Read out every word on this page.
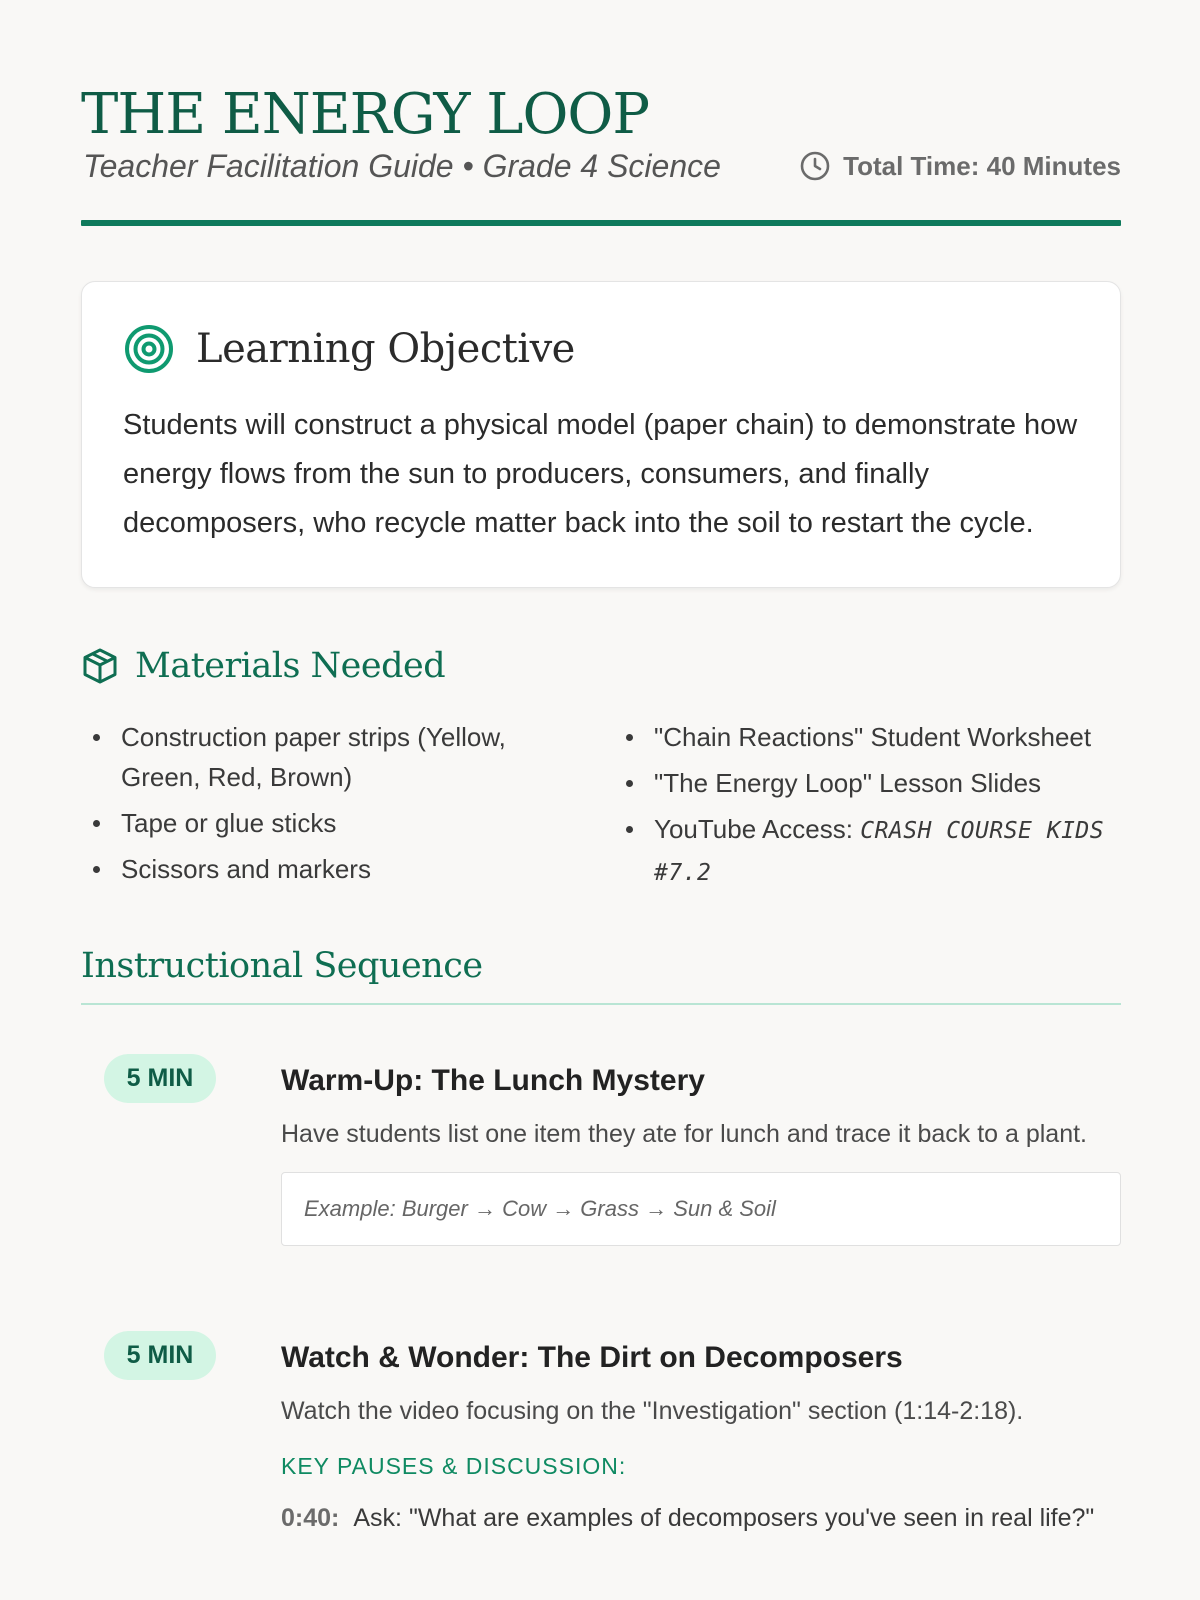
THE ENERGY LOOP
Teacher Facilitation Guide • Grade 4 Science	Total Time: 40 Minutes
Learning Objective

Students will construct a physical model (paper chain) to demonstrate how energy flows from the sun to producers, consumers, and finally decomposers, who recycle matter back into the soil to restart the cycle.

Materials Needed
Construction paper strips (Yellow, Green, Red, Brown)
Tape or glue sticks
Scissors and markers
"Chain Reactions" Student Worksheet
"The Energy Loop" Lesson Slides
YouTube Access: CRASH COURSE KIDS #7.2
Instructional Sequence
5 MIN	Warm-Up: The Lunch Mystery

Have students list one item they ate for lunch and trace it back to a plant.

Example: Burger → Cow → Grass → Sun & Soil
5 MIN	Watch & Wonder: The Dirt on Decomposers

Watch the video focusing on the "Investigation" section (1:14-2:18).

KEY PAUSES & DISCUSSION:
0:40: Ask: "What are examples of decomposers you've seen in real life?"
